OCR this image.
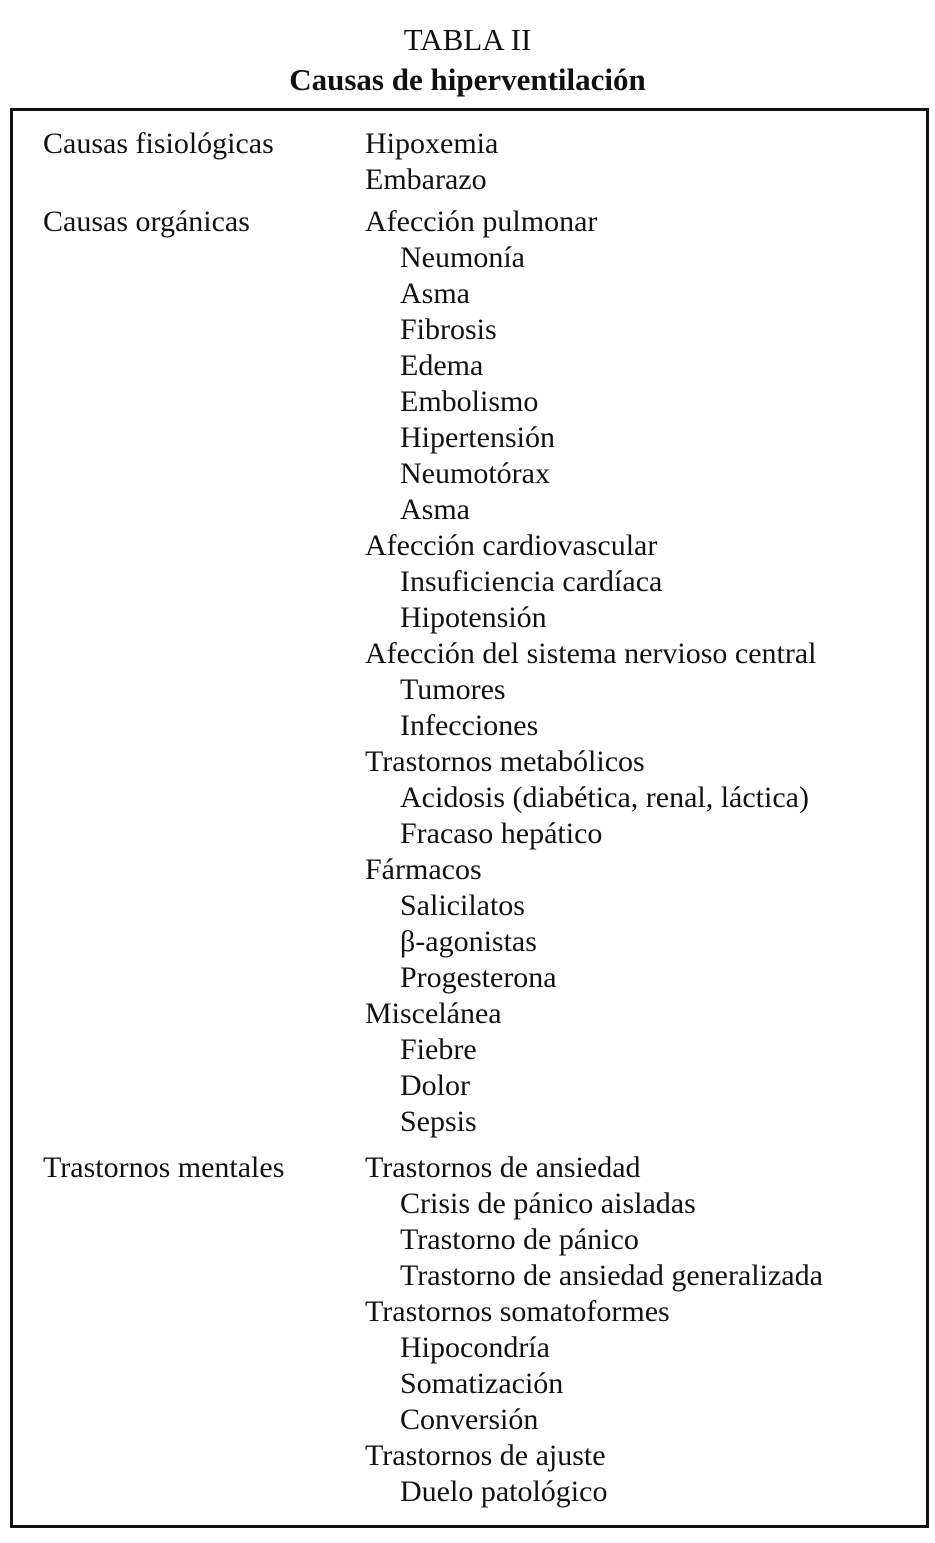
TABLA II
Causas de hiperventilación
Causas fisiológicas	Hipoxemia
Embarazo
Causas orgánicas	Afección pulmonar
Neumonía
Asma
Fibrosis
Edema
Embolismo
Hipertensión
Neumotórax
Asma
Afección cardiovascular
Insuficiencia cardíaca
Hipotensión
Afección del sistema nervioso central
Tumores
Infecciones
Trastornos metabólicos
Acidosis (diabética, renal, láctica)
Fracaso hepático
Fármacos
Salicilatos
β-agonistas
Progesterona
Miscelánea
Fiebre
Dolor
Sepsis
Trastornos mentales	Trastornos de ansiedad
Crisis de pánico aisladas
Trastorno de pánico
Trastorno de ansiedad generalizada
Trastornos somatoformes
Hipocondría
Somatización
Conversión
Trastornos de ajuste
Duelo patológico
